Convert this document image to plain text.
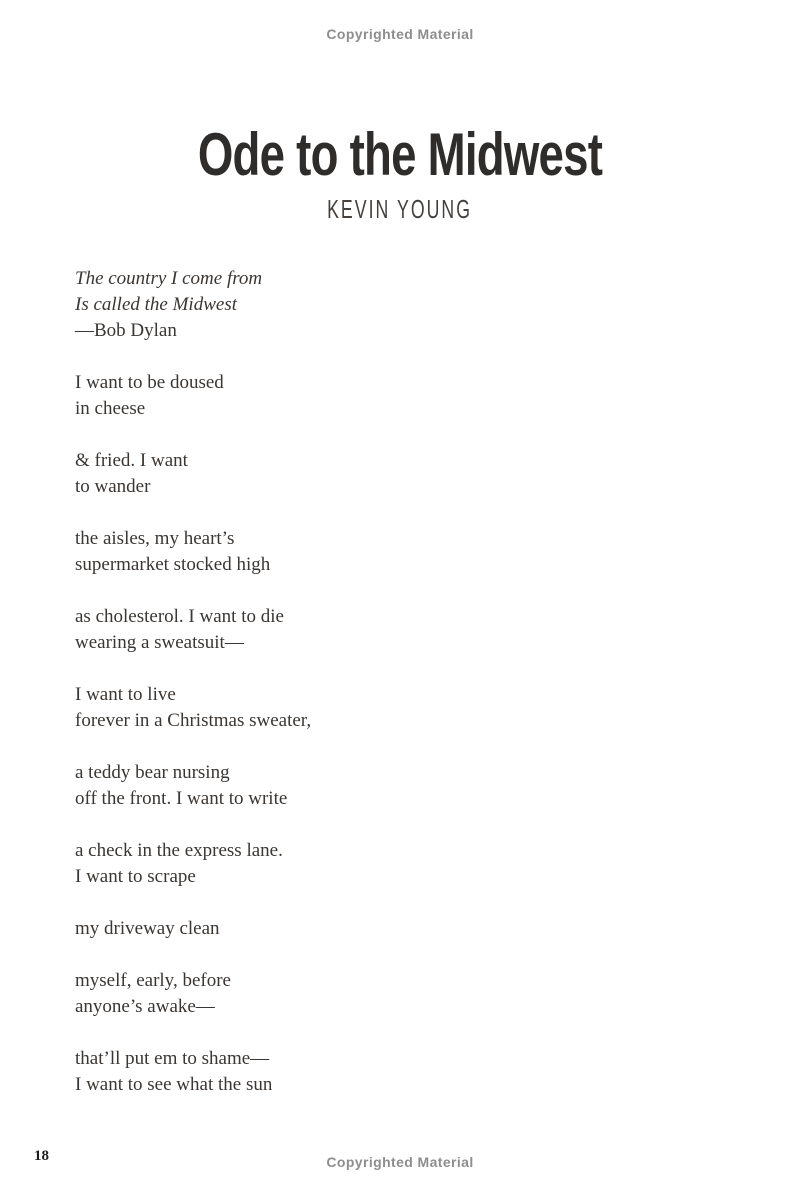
Copyrighted Material
Ode to the Midwest
KEVIN YOUNG
The country I come from
Is called the Midwest
—Bob Dylan
I want to be doused
in cheese
& fried. I want
to wander
the aisles, my heart’s
supermarket stocked high
as cholesterol. I want to die
wearing a sweatsuit—
I want to live
forever in a Christmas sweater,
a teddy bear nursing
off the front. I want to write
a check in the express lane.
I want to scrape
my driveway clean
myself, early, before
anyone’s awake—
that’ll put em to shame—
I want to see what the sun
18	Copyrighted Material
